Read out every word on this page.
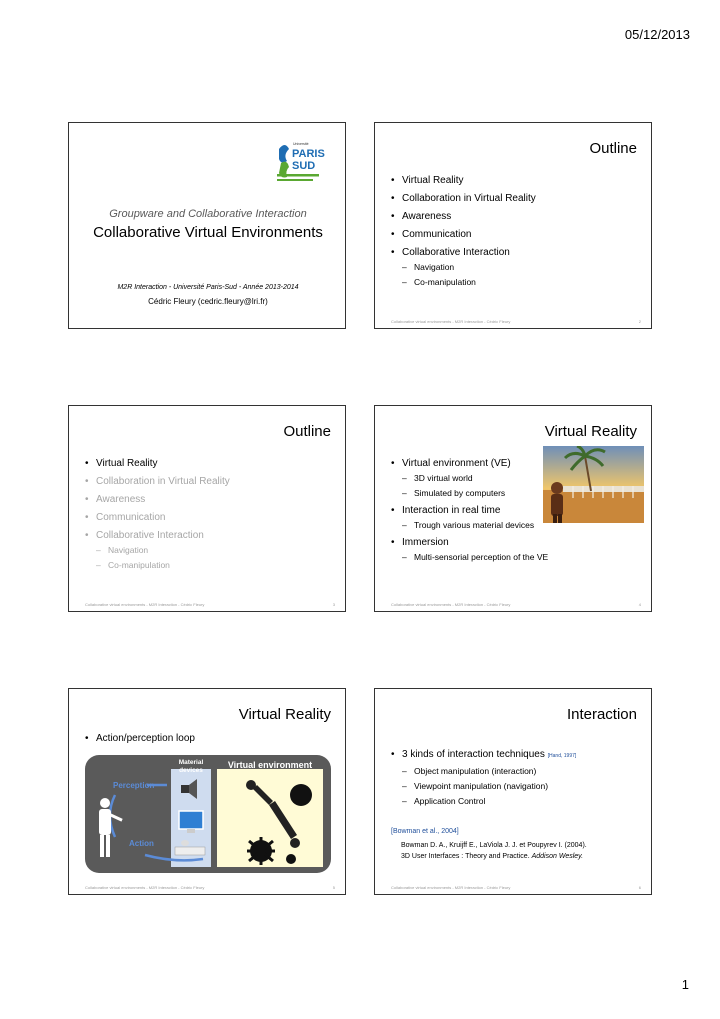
05/12/2013
Université
PARIS
SUD
Groupware and Collaborative Interaction
Collaborative Virtual Environments
M2R Interaction - Université Paris-Sud - Année 2013-2014
Cédric Fleury (cedric.fleury@lri.fr)
Outline
• Virtual Reality
• Collaboration in Virtual Reality
• Awareness
• Communication
• Collaborative Interaction
– Navigation
– Co-manipulation
Collaborative virtual environments - M2R Interaction - Cédric Fleury	2
Outline
• Virtual Reality
• Collaboration in Virtual Reality
• Awareness
• Communication
• Collaborative Interaction
– Navigation
– Co-manipulation
Collaborative virtual environments - M2R Interaction - Cédric Fleury	3
Virtual Reality
• Virtual environment (VE)
– 3D virtual world
– Simulated by computers
• Interaction in real time
– Trough various material devices
• Immersion
– Multi-sensorial perception of the VE
Collaborative virtual environments - M2R Interaction - Cédric Fleury	4
Virtual Reality
• Action/perception loop
Material
devices
Virtual environment
Perception
Action
Collaborative virtual environments - M2R Interaction - Cédric Fleury	5
Interaction
• 3 kinds of interaction techniques [Hand, 1997]
– Object manipulation (interaction)
– Viewpoint manipulation (navigation)
– Application Control
[Bowman et al., 2004]
Bowman D. A., Kruijff E., LaViola J. J. et Poupyrev I. (2004).
3D User Interfaces : Theory and Practice. Addison Wesley.
Collaborative virtual environments - M2R Interaction - Cédric Fleury	6
1
